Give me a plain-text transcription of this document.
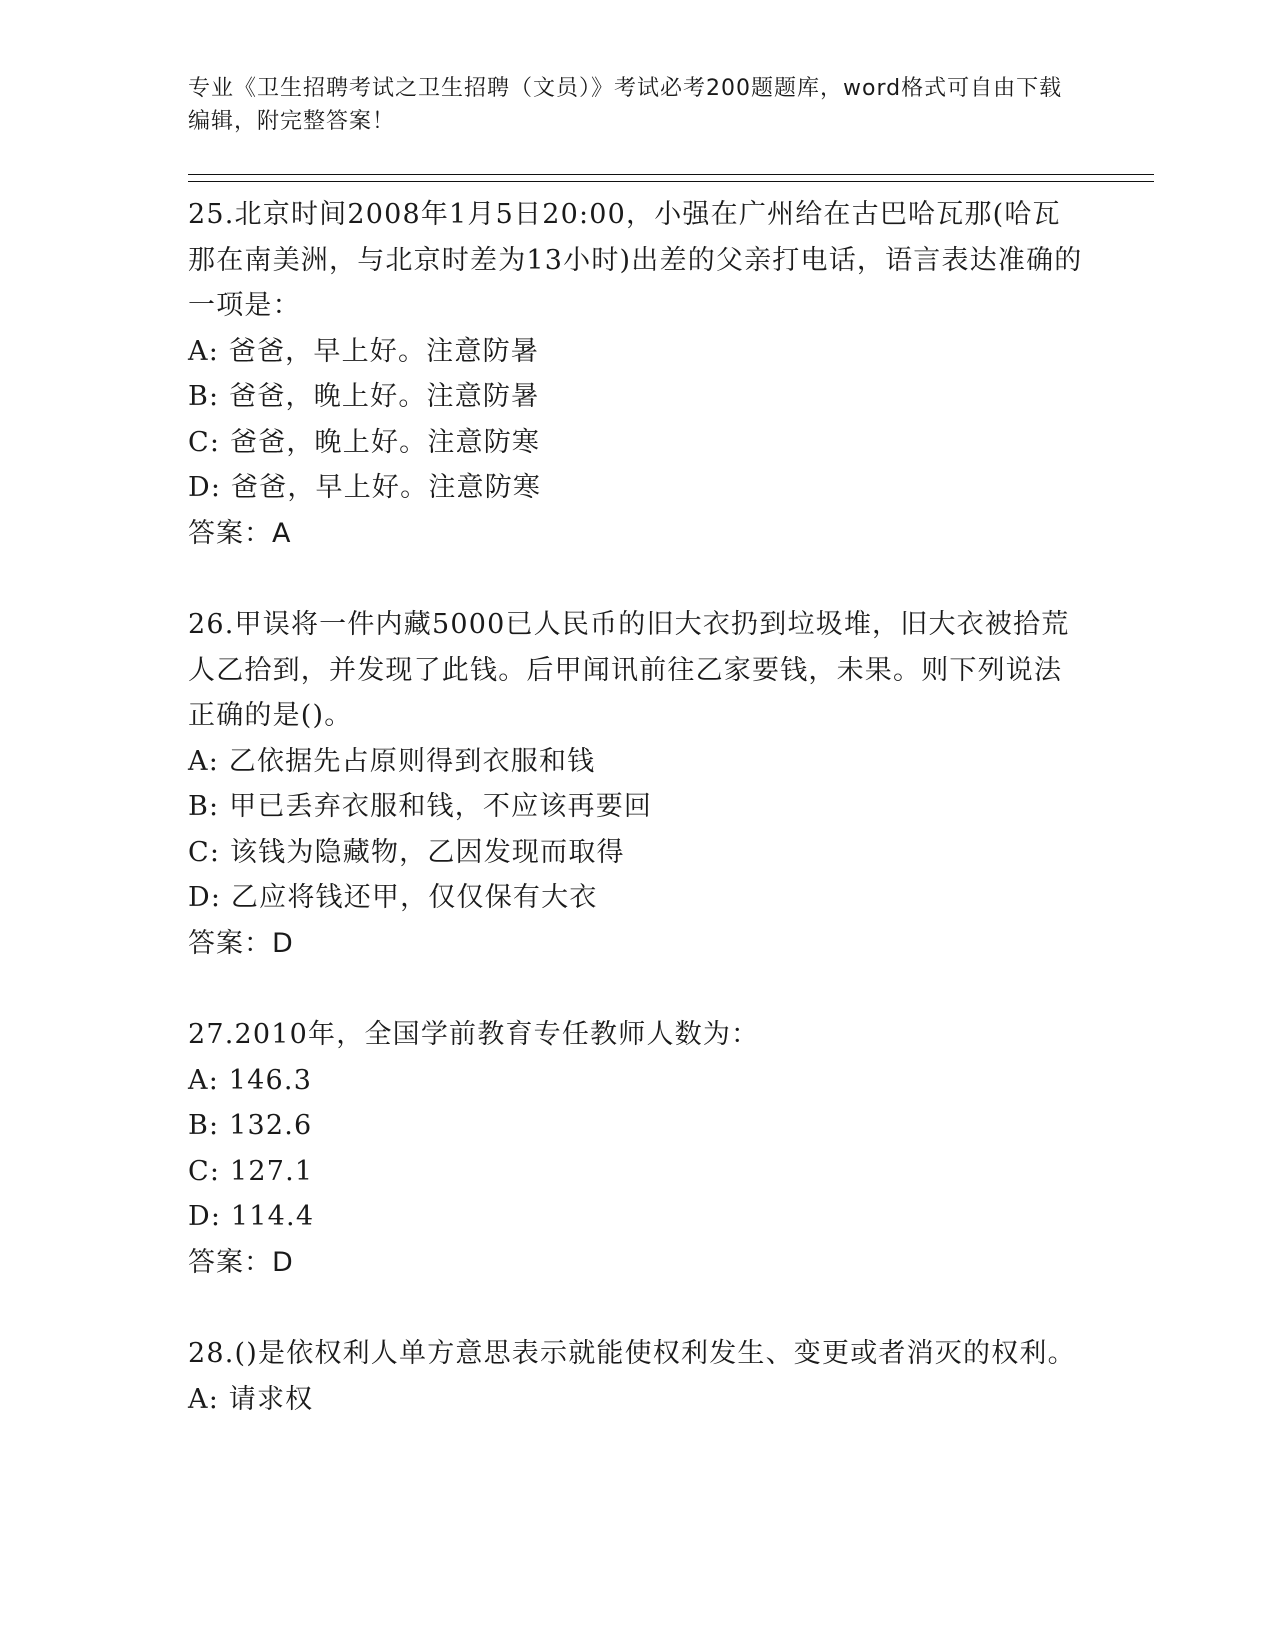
专业《卫生招聘考试之卫生招聘（文员）》考试必考200题题库，word格式可自由下载编辑，附完整答案！
25.北京时间2008年1月5日20:00，小强在广州给在古巴哈瓦那(哈瓦那在南美洲，与北京时差为13小时)出差的父亲打电话，语言表达准确的一项是：
A: 爸爸，早上好。注意防暑
B: 爸爸，晚上好。注意防暑
C: 爸爸，晚上好。注意防寒
D: 爸爸，早上好。注意防寒
答案：A
26.甲误将一件内藏5000已人民币的旧大衣扔到垃圾堆，旧大衣被拾荒人乙拾到，并发现了此钱。后甲闻讯前往乙家要钱，未果。则下列说法正确的是()。
A: 乙依据先占原则得到衣服和钱
B: 甲已丢弃衣服和钱，不应该再要回
C: 该钱为隐藏物，乙因发现而取得
D: 乙应将钱还甲，仅仅保有大衣
答案：D
27.2010年，全国学前教育专任教师人数为：
A: 146.3
B: 132.6
C: 127.1
D: 114.4
答案：D
28.()是依权利人单方意思表示就能使权利发生、变更或者消灭的权利。
A: 请求权
